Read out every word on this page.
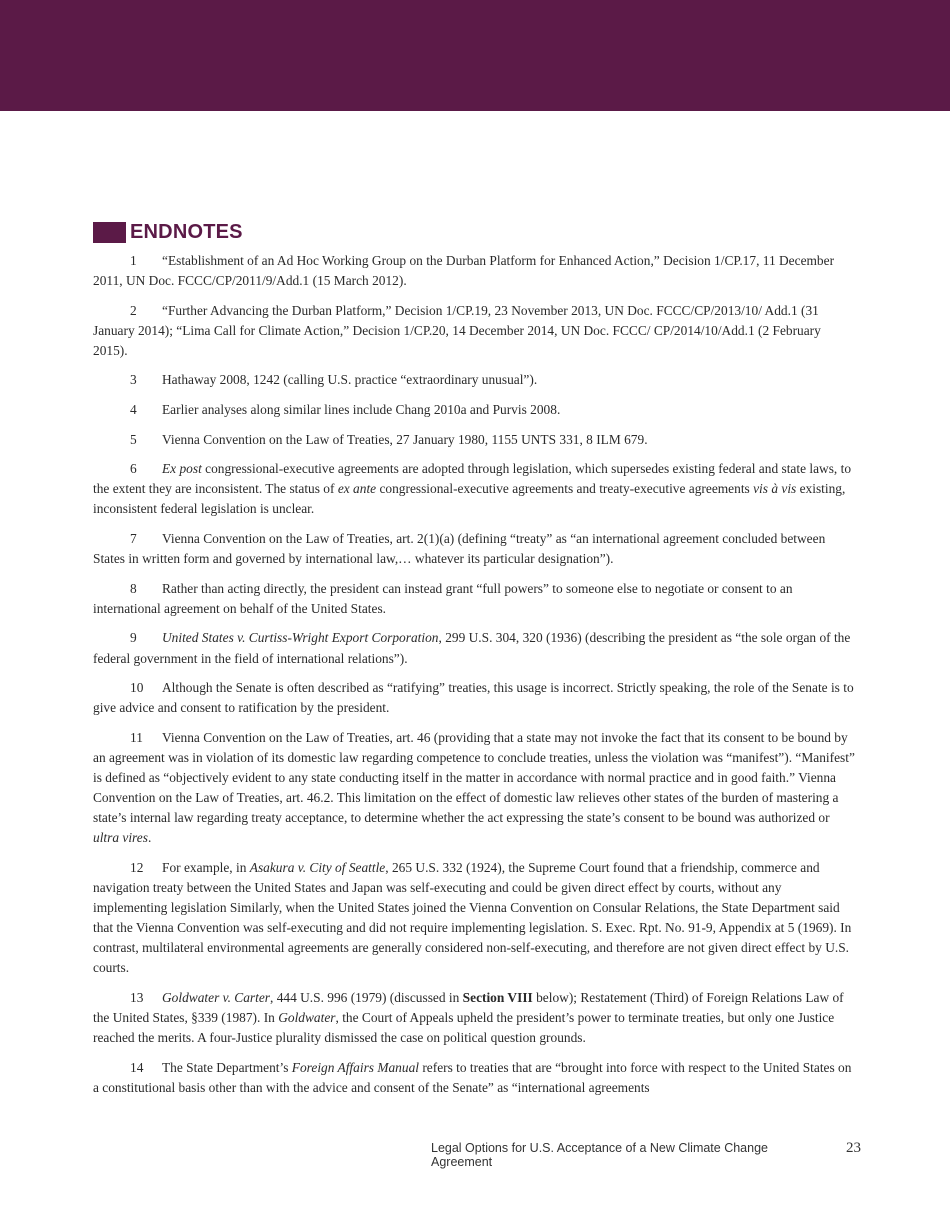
ENDNOTES

1 “Establishment of an Ad Hoc Working Group on the Durban Platform for Enhanced Action,” Decision 1/CP.17, 11 December 2011, UN Doc. FCCC/CP/2011/9/Add.1 (15 March 2012).

2 “Further Advancing the Durban Platform,” Decision 1/CP.19, 23 November 2013, UN Doc. FCCC/CP/2013/10/ Add.1 (31 January 2014); “Lima Call for Climate Action,” Decision 1/CP.20, 14 December 2014, UN Doc. FCCC/ CP/2014/10/Add.1 (2 February 2015).

3 Hathaway 2008, 1242 (calling U.S. practice “extraordinary unusual”).

4 Earlier analyses along similar lines include Chang 2010a and Purvis 2008.

5 Vienna Convention on the Law of Treaties, 27 January 1980, 1155 UNTS 331, 8 ILM 679.

6 Ex post congressional-executive agreements are adopted through legislation, which supersedes existing federal and state laws, to the extent they are inconsistent. The status of ex ante congressional-executive agreements and treaty-executive agreements vis à vis existing, inconsistent federal legislation is unclear.

7 Vienna Convention on the Law of Treaties, art. 2(1)(a) (defining “treaty” as “an international agreement concluded between States in written form and governed by international law,… whatever its particular designation”).

8 Rather than acting directly, the president can instead grant “full powers” to someone else to negotiate or consent to an international agreement on behalf of the United States.

9 United States v. Curtiss-Wright Export Corporation, 299 U.S. 304, 320 (1936) (describing the president as “the sole organ of the federal government in the field of international relations”).

10 Although the Senate is often described as “ratifying” treaties, this usage is incorrect. Strictly speaking, the role of the Senate is to give advice and consent to ratification by the president.

11 Vienna Convention on the Law of Treaties, art. 46 (providing that a state may not invoke the fact that its consent to be bound by an agreement was in violation of its domestic law regarding competence to conclude treaties, unless the violation was “manifest”). “Manifest” is defined as “objectively evident to any state conducting itself in the matter in accordance with normal practice and in good faith.” Vienna Convention on the Law of Treaties, art. 46.2. This limitation on the effect of domestic law relieves other states of the burden of mastering a state’s internal law regarding treaty acceptance, to determine whether the act expressing the state’s consent to be bound was authorized or ultra vires.

12 For example, in Asakura v. City of Seattle, 265 U.S. 332 (1924), the Supreme Court found that a friendship, commerce and navigation treaty between the United States and Japan was self-executing and could be given direct effect by courts, without any implementing legislation Similarly, when the United States joined the Vienna Convention on Consular Relations, the State Department said that the Vienna Convention was self-executing and did not require implementing legislation. S. Exec. Rpt. No. 91-9, Appendix at 5 (1969). In contrast, multilateral environmental agreements are generally considered non-self-executing, and therefore are not given direct effect by U.S. courts.

13 Goldwater v. Carter, 444 U.S. 996 (1979) (discussed in Section VIII below); Restatement (Third) of Foreign Relations Law of the United States, §339 (1987). In Goldwater, the Court of Appeals upheld the president’s power to terminate treaties, but only one Justice reached the merits. A four-Justice plurality dismissed the case on political question grounds.

14 The State Department’s Foreign Affairs Manual refers to treaties that are “brought into force with respect to the United States on a constitutional basis other than with the advice and consent of the Senate” as “international agreements

Legal Options for U.S. Acceptance of a New Climate Change Agreement
23
